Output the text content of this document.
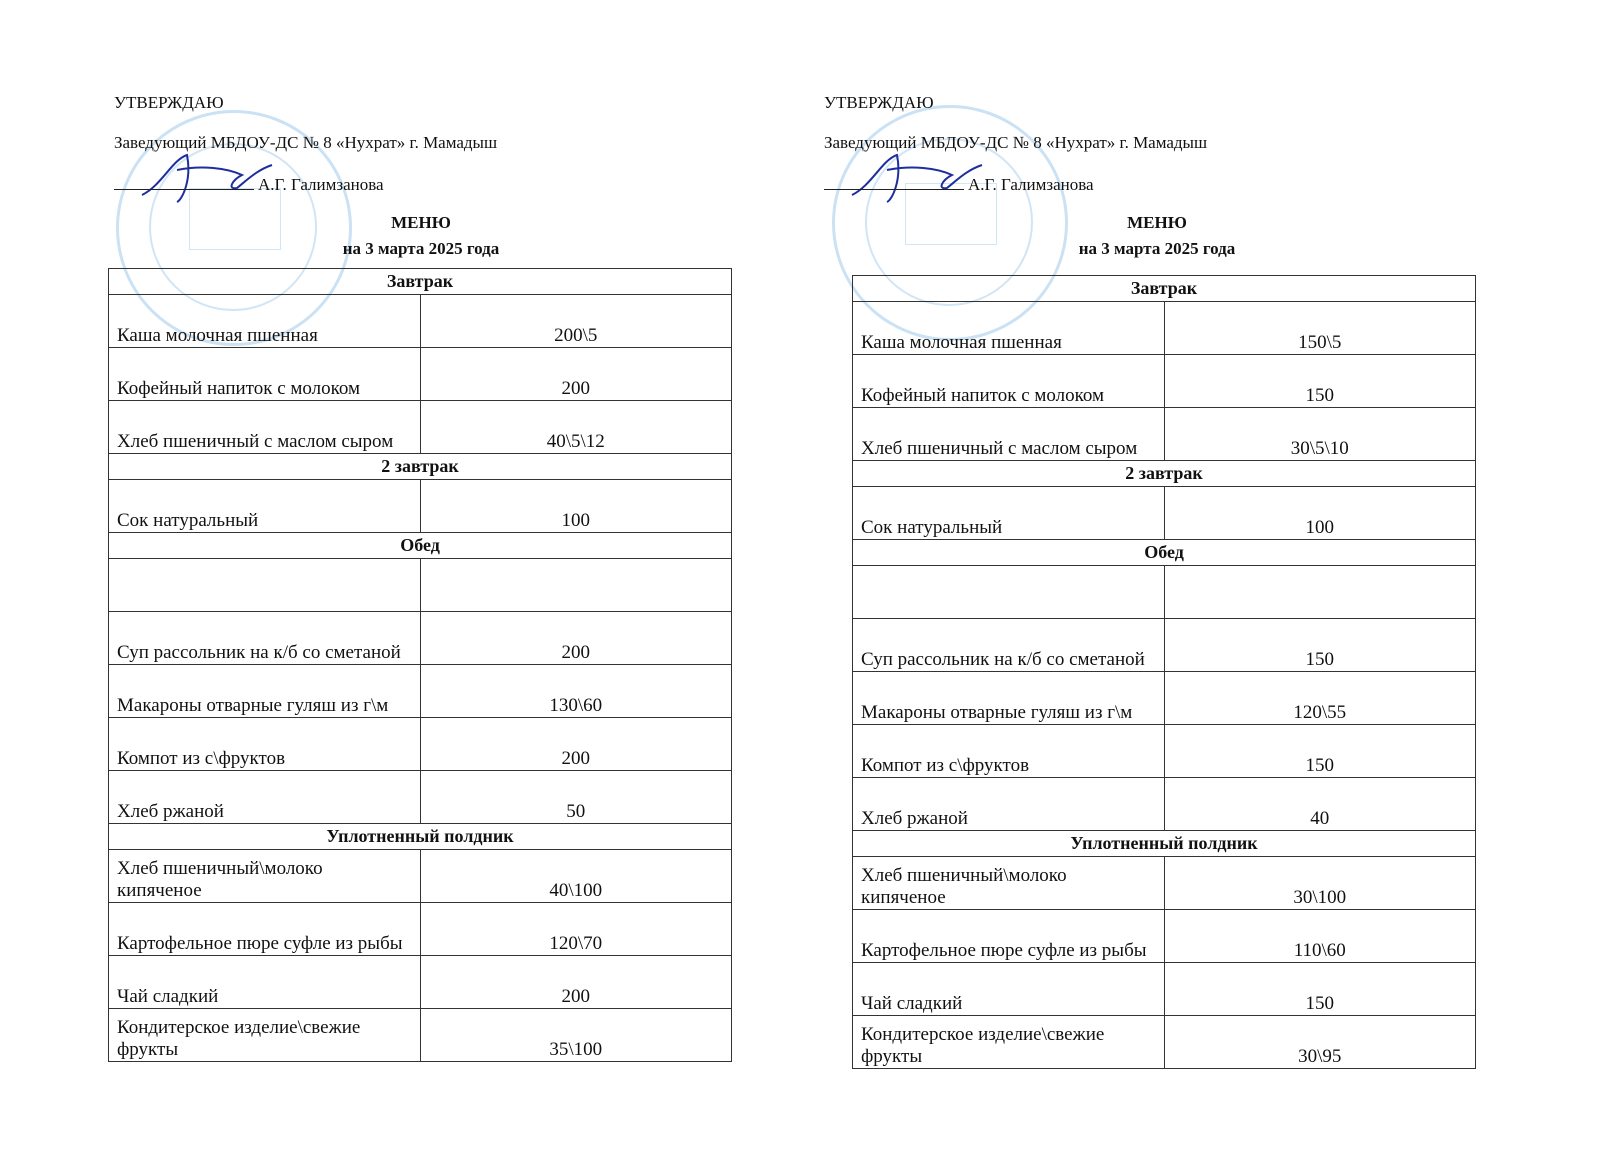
УТВЕРЖДАЮ
Заведующий МБДОУ-ДС № 8 «Нухрат» г. Мамадыш
А.Г. Галимзанова
МЕНЮ
на 3 марта 2025 года
Завтрак	
Каша молочная пшенная	200\5
Кофейный напиток с молоком	200
Хлеб пшеничный с маслом сыром	40\5\12
2 завтрак	
Сок натуральный	100
Обед	

Суп рассольник на к/б со сметаной	200
Макароны отварные гуляш из г\м	130\60
Компот из с\фруктов	200
Хлеб ржаной	50
Уплотненный полдник	
Хлеб пшеничный\молоко кипяченое	40\100
Картофельное пюре суфле из рыбы	120\70
Чай сладкий	200
Кондитерское изделие\свежие фрукты	35\100
УТВЕРЖДАЮ
Заведующий МБДОУ-ДС № 8 «Нухрат» г. Мамадыш
А.Г. Галимзанова
МЕНЮ
на 3 марта 2025 года
Завтрак	
Каша молочная пшенная	150\5
Кофейный напиток с молоком	150
Хлеб пшеничный с маслом сыром	30\5\10
2 завтрак	
Сок натуральный	100
Обед	

Суп рассольник на к/б со сметаной	150
Макароны отварные гуляш из г\м	120\55
Компот из с\фруктов	150
Хлеб ржаной	40
Уплотненный полдник	
Хлеб пшеничный\молоко кипяченое	30\100
Картофельное пюре суфле из рыбы	110\60
Чай сладкий	150
Кондитерское изделие\свежие фрукты	30\95
